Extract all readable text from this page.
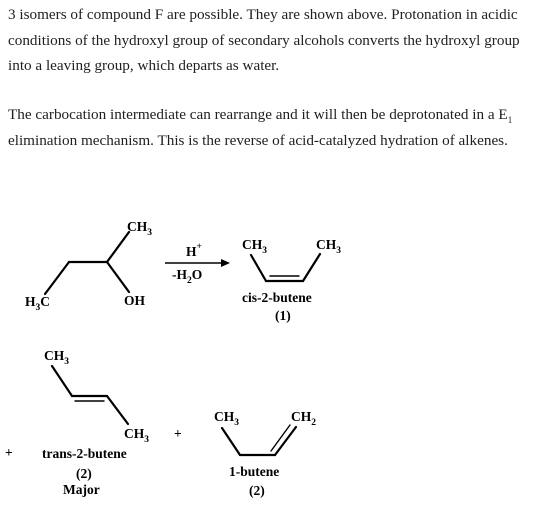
3 isomers of compound F are possible. They are shown above. Protonation in acidic conditions of the hydroxyl group of secondary alcohols converts the hydroxyl group into a leaving group, which departs as water.

The carbocation intermediate can rearrange and it will then be deprotonated in a $E_1$ elimination mechanism. This is the reverse of acid-catalyzed hydration of alkenes.

$CH_3$
$H_3C$	OH
H+
$-H_2O$
$CH_3$	$CH_3$
cis-2-butene
(1)
$CH_3$
$CH_3$
+
+
trans-2-butene
(2)
Major
$CH_3$	$CH_2$
1-butene
(2)
